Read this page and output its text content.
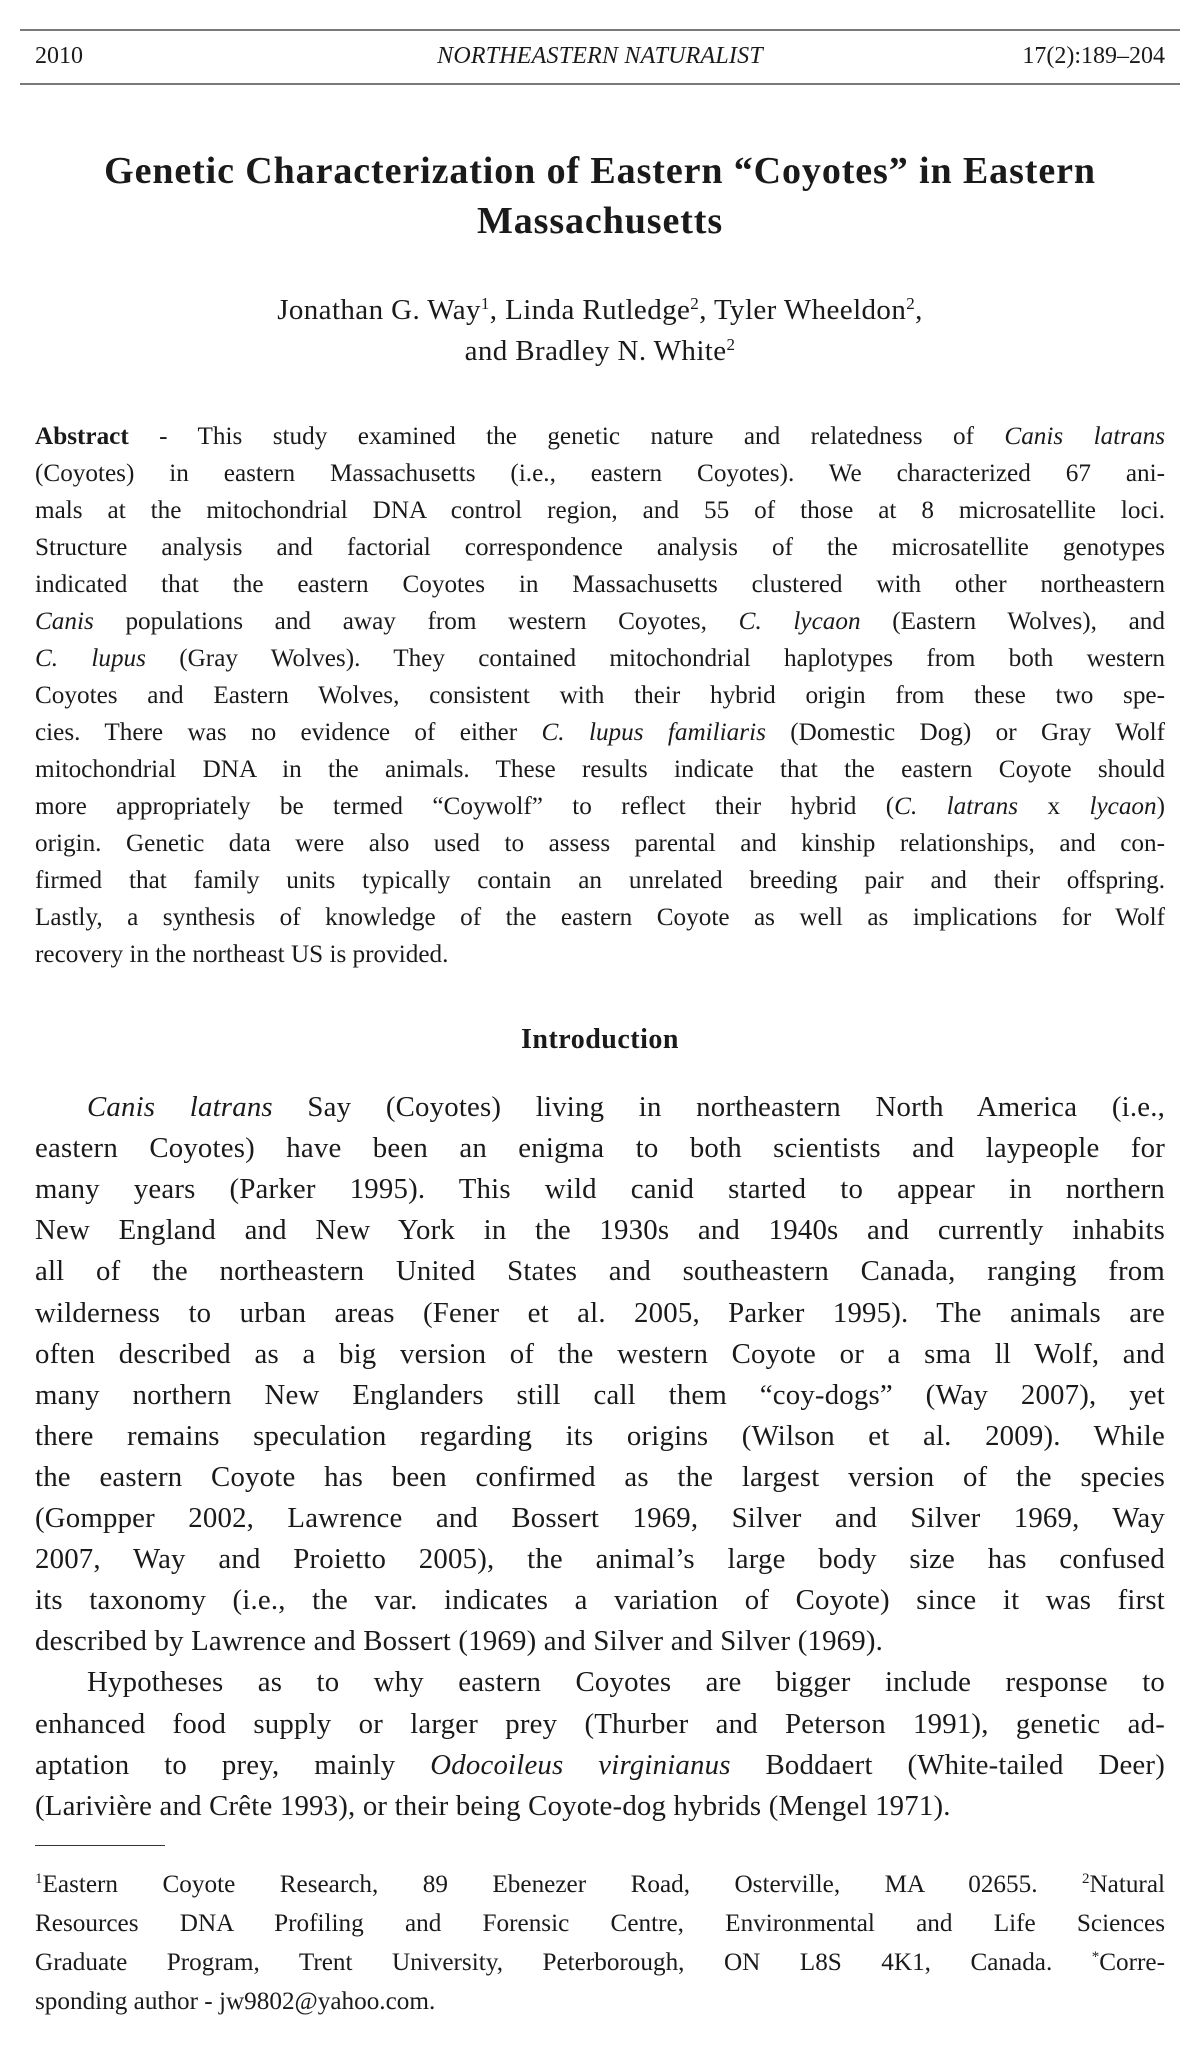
2010	NORTHEASTERN NATURALIST	17(2):189–204
Genetic Characterization of Eastern “Coyotes” in Eastern
Massachusetts
Jonathan G. Way$^1$, Linda Rutledge$^2$, Tyler Wheeldon$^2$,
and Bradley N. White$^2$
Abstract - This study examined the genetic nature and relatedness of Canis latrans
(Coyotes) in eastern Massachusetts (i.e., eastern Coyotes). We characterized 67 ani-
mals at the mitochondrial DNA control region, and 55 of those at 8 microsatellite loci.
Structure analysis and factorial correspondence analysis of the microsatellite genotypes
indicated that the eastern Coyotes in Massachusetts clustered with other northeastern
Canis populations and away from western Coyotes, C. lycaon (Eastern Wolves), and
C. lupus (Gray Wolves). They contained mitochondrial haplotypes from both western
Coyotes and Eastern Wolves, consistent with their hybrid origin from these two spe-
cies. There was no evidence of either C. lupus familiaris (Domestic Dog) or Gray Wolf
mitochondrial DNA in the animals. These results indicate that the eastern Coyote should
more appropriately be termed “Coywolf” to reflect their hybrid (C. latrans x lycaon)
origin. Genetic data were also used to assess parental and kinship relationships, and con-
firmed that family units typically contain an unrelated breeding pair and their offspring.
Lastly, a synthesis of knowledge of the eastern Coyote as well as implications for Wolf
recovery in the northeast US is provided.
Introduction
Canis latrans Say (Coyotes) living in northeastern North America (i.e.,
eastern Coyotes) have been an enigma to both scientists and laypeople for
many years (Parker 1995). This wild canid started to appear in northern
New England and New York in the 1930s and 1940s and currently inhabits
all of the northeastern United States and southeastern Canada, ranging from
wilderness to urban areas (Fener et al. 2005, Parker 1995). The animals are
often described as a big version of the western Coyote or a sma ll Wolf, and
many northern New Englanders still call them “coy-dogs” (Way 2007), yet
there remains speculation regarding its origins (Wilson et al. 2009). While
the eastern Coyote has been confirmed as the largest version of the species
(Gompper 2002, Lawrence and Bossert 1969, Silver and Silver 1969, Way
2007, Way and Proietto 2005), the animal’s large body size has confused
its taxonomy (i.e., the var. indicates a variation of Coyote) since it was first
described by Lawrence and Bossert (1969) and Silver and Silver (1969).
Hypotheses as to why eastern Coyotes are bigger include response to
enhanced food supply or larger prey (Thurber and Peterson 1991), genetic ad-
aptation to prey, mainly Odocoileus virginianus Boddaert (White-tailed Deer)
(Larivière and Crête 1993), or their being Coyote-dog hybrids (Mengel 1971).
$^1$Eastern Coyote Research, 89 Ebenezer Road, Osterville, MA 02655. $^2$Natural
Resources DNA Profiling and Forensic Centre, Environmental and Life Sciences
Graduate Program, Trent University, Peterborough, ON L8S 4K1, Canada. *Corre-
sponding author - jw9802@yahoo.com.
